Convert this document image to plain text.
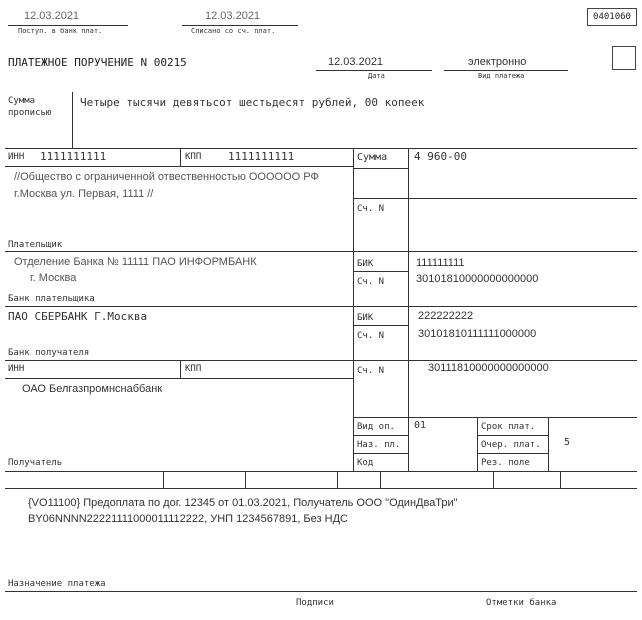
12.03.2021
Поступ. в банк плат.
12.03.2021
Списано со сч. плат.
0401060
ПЛАТЕЖНОЕ ПОРУЧЕНИЕ N 00215	12.03.2021
Дата
электронно
Вид платежа
Сумма
прописью
Четыре тысячи девятьсот шестьдесят рублей, 00 копеек
ИНН 1111111111	КПП 1111111111	Сумма 4 960-00
//Общество с ограниченной отвественностью ОООООО РФ
г.Москва ул. Первая, 1111 //
Сч. N
Плательщик
Отделение Банка № 11111 ПАО ИНФОРМБАНК
г. Москва
БИК	111111111
Сч. N	30101810000000000000
Банк плательщика
ПАО СБЕРБАНК Г.Москва	БИК	222222222
Сч. N	30101810111111000000
Банк получателя
ИНН	КПП	Сч. N	30111810000000000000
ОАО Белгазпромнснаббанк
Вид оп. 01
Наз. пл.
Код
Срок плат.
Очер. плат. 5
Рез. поле
Получатель
{VO11100} Предоплата по дог. 12345 от 01.03.2021, Получатель ООО "ОдинДваТри"
BY06NNNN22221111000011112222, УНП 1234567891, Без НДС
Назначение платежа
Подписи	Отметки банка
